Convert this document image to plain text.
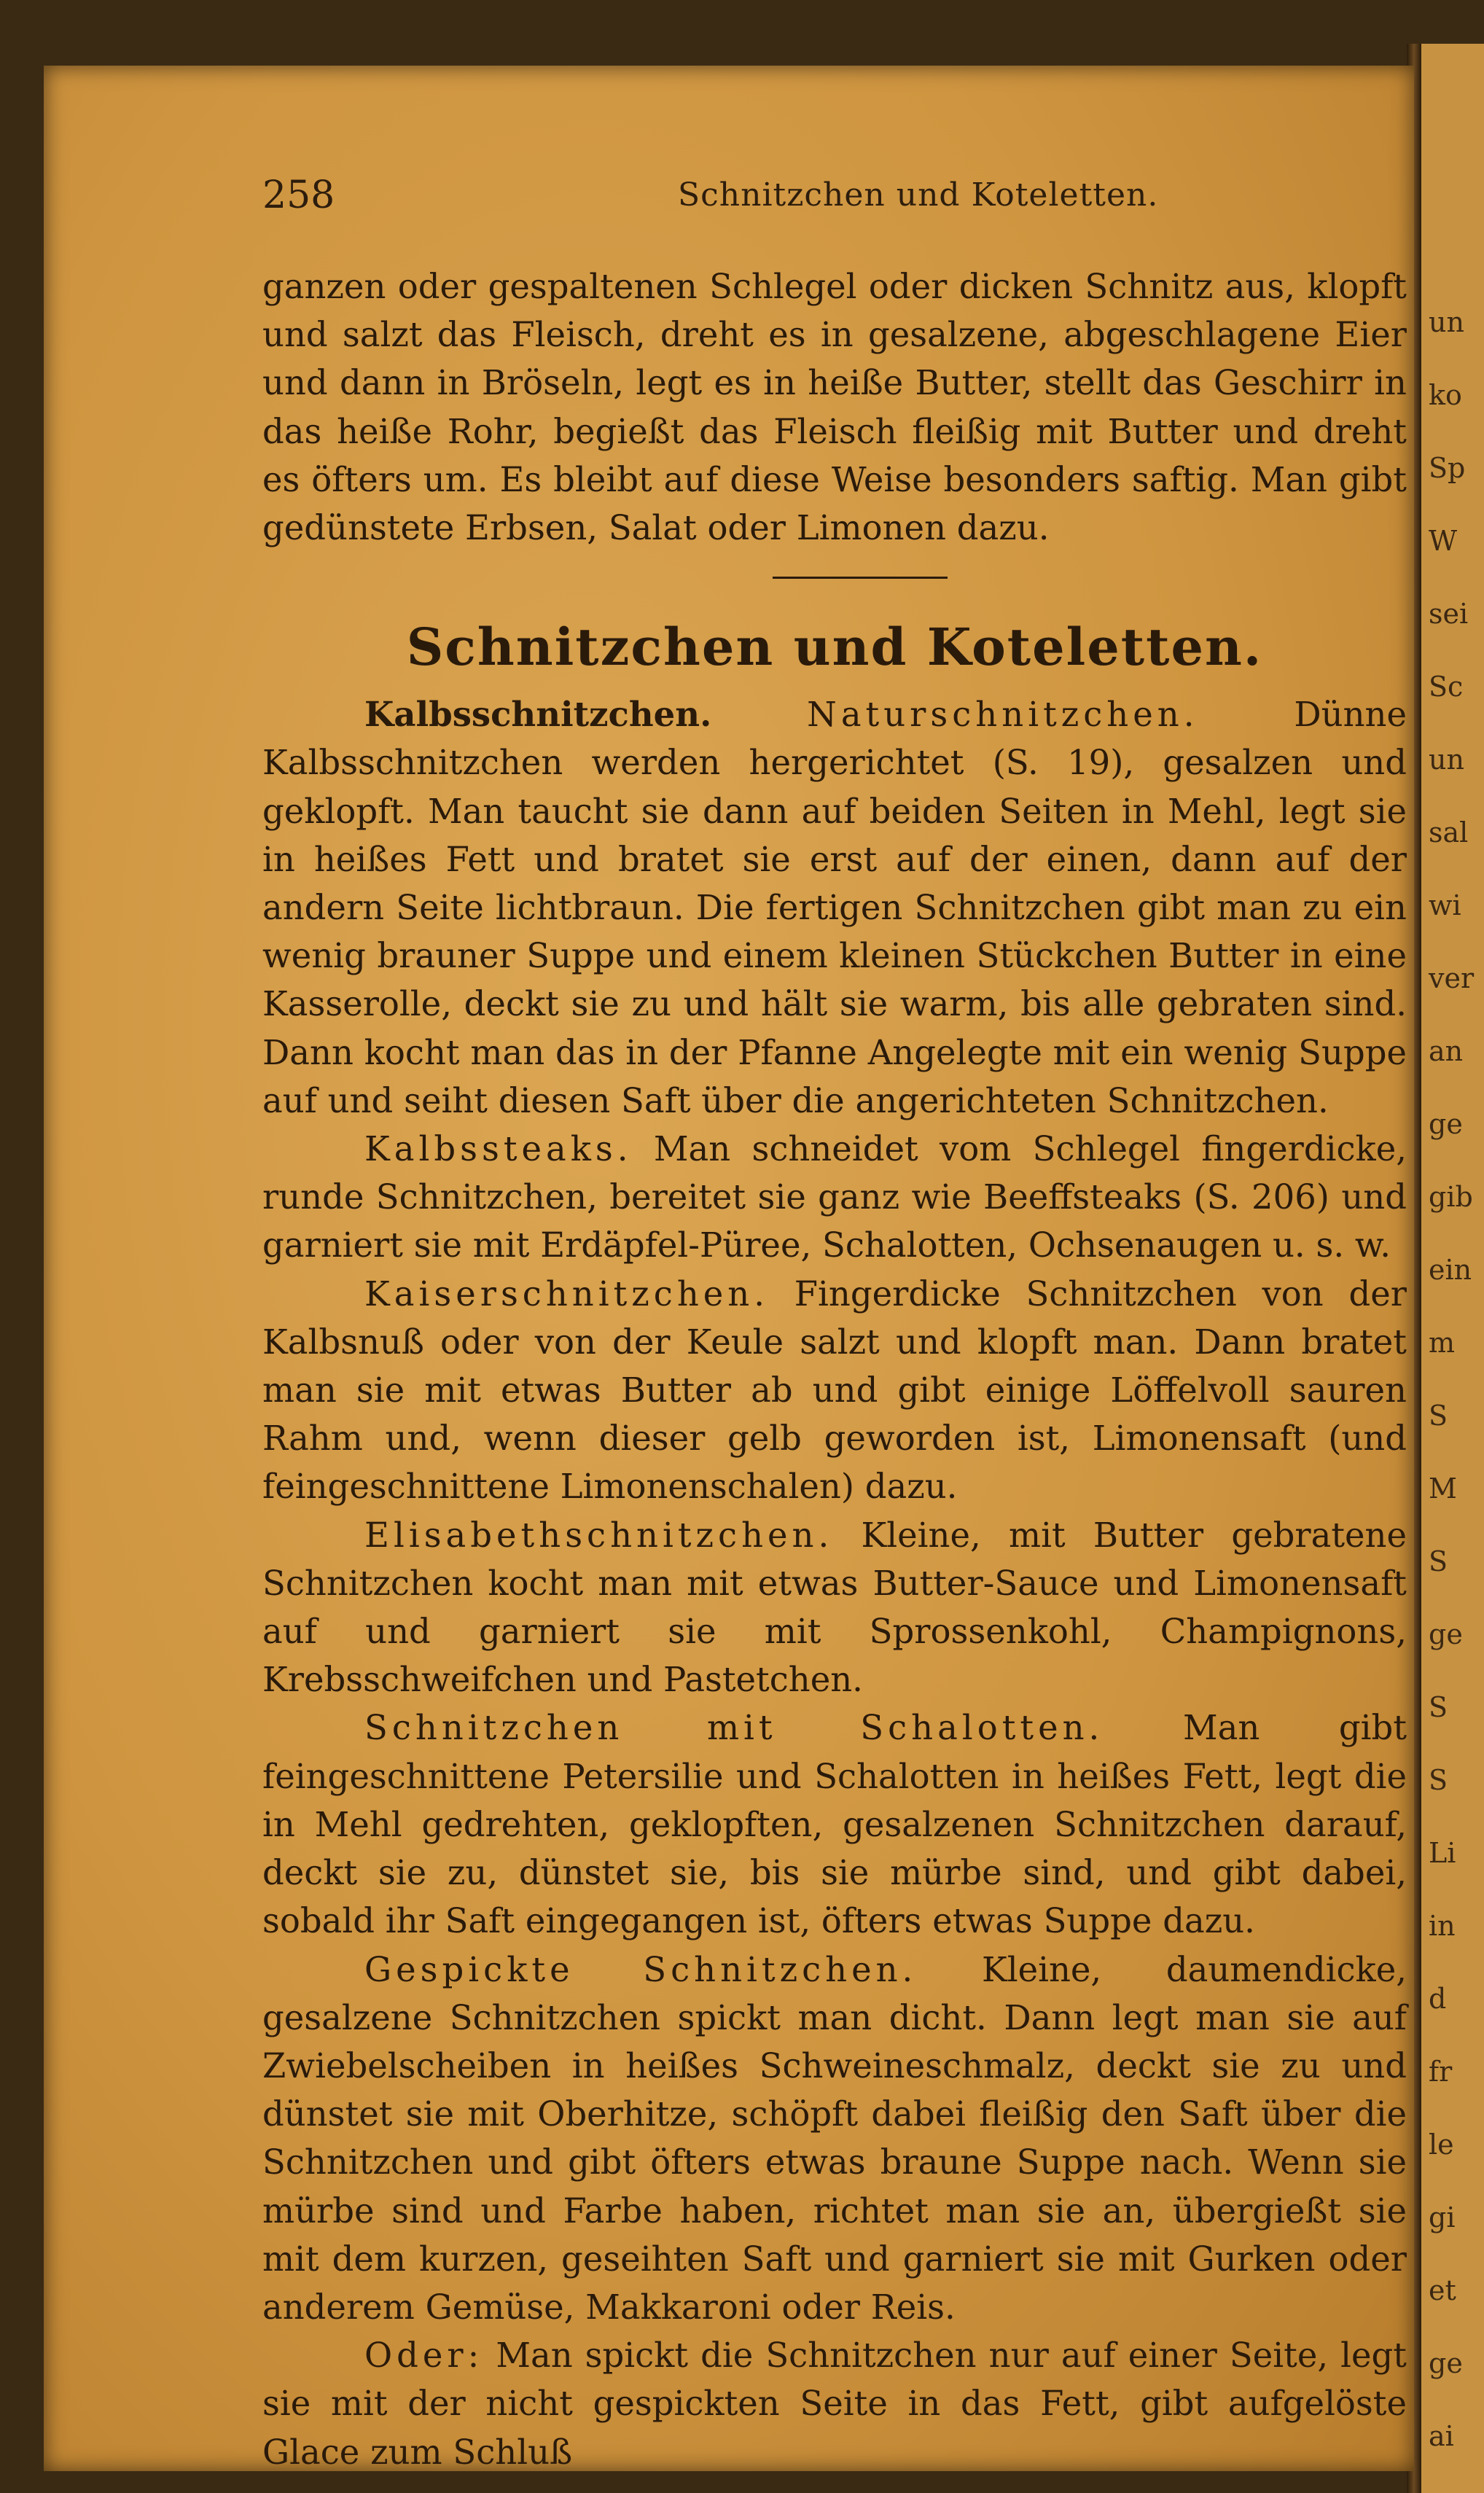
un
ko
Sp
W
sei
Sc
un
sal
wi
ver
an
ge
gib
ein
m
S
M
S
ge
S
S
Li
in
d
fr
le
gi
et
ge
ai
258	Schnitzchen und Koteletten.

ganzen oder gespaltenen Schlegel oder dicken Schnitz aus, klopft und salzt das Fleisch, dreht es in gesalzene, abgeschlagene Eier und dann in Bröseln, legt es in heiße Butter, stellt das Geschirr in das heiße Rohr, begießt das Fleisch fleißig mit Butter und dreht es öfters um. Es bleibt auf diese Weise besonders saftig. Man gibt gedünstete Erbsen, Salat oder Limonen dazu.

Schnitzchen und Koteletten.

Kalbsschnitzchen.	Naturschnitzchen.	Dünne Kalbsschnitzchen werden hergerichtet (S. 19), gesalzen und geklopft. Man taucht sie dann auf beiden Seiten in Mehl, legt sie in heißes Fett und bratet sie erst auf der einen, dann auf der andern Seite lichtbraun. Die fertigen Schnitzchen gibt man zu ein wenig brauner Suppe und einem kleinen Stückchen Butter in eine Kasserolle, deckt sie zu und hält sie warm, bis alle gebraten sind. Dann kocht man das in der Pfanne Angelegte mit ein wenig Suppe auf und seiht diesen Saft über die angerichteten Schnitzchen.

Kalbssteaks. Man schneidet vom Schlegel fingerdicke, runde Schnitzchen, bereitet sie ganz wie Beeffsteaks (S. 206) und garniert sie mit Erdäpfel-Püree, Schalotten, Ochsenaugen u. s. w.

Kaiserschnitzchen. Fingerdicke Schnitzchen von der Kalbsnuß oder von der Keule salzt und klopft man. Dann bratet man sie mit etwas Butter ab und gibt einige Löffelvoll sauren Rahm und, wenn dieser gelb geworden ist, Limonensaft (und feingeschnittene Limonenschalen) dazu.

Elisabethschnitzchen. Kleine, mit Butter gebratene Schnitzchen kocht man mit etwas Butter-Sauce und Limonensaft auf und garniert sie mit Sprossenkohl, Champignons, Krebsschweifchen und Pastetchen.

Schnitzchen mit Schalotten. Man gibt feingeschnittene Petersilie und Schalotten in heißes Fett, legt die in Mehl gedrehten, geklopften, gesalzenen Schnitzchen darauf, deckt sie zu, dünstet sie, bis sie mürbe sind, und gibt dabei, sobald ihr Saft eingegangen ist, öfters etwas Suppe dazu.

Gespickte Schnitzchen. Kleine, daumendicke, gesalzene Schnitzchen spickt man dicht. Dann legt man sie auf Zwiebelscheiben in heißes Schweineschmalz, deckt sie zu und dünstet sie mit Oberhitze, schöpft dabei fleißig den Saft über die Schnitzchen und gibt öfters etwas braune Suppe nach. Wenn sie mürbe sind und Farbe haben, richtet man sie an, übergießt sie mit dem kurzen, geseihten Saft und garniert sie mit Gurken oder anderem Gemüse, Makkaroni oder Reis.

Oder: Man spickt die Schnitzchen nur auf einer Seite, legt sie mit der nicht gespickten Seite in das Fett, gibt aufgelöste Glace zum Schluß
